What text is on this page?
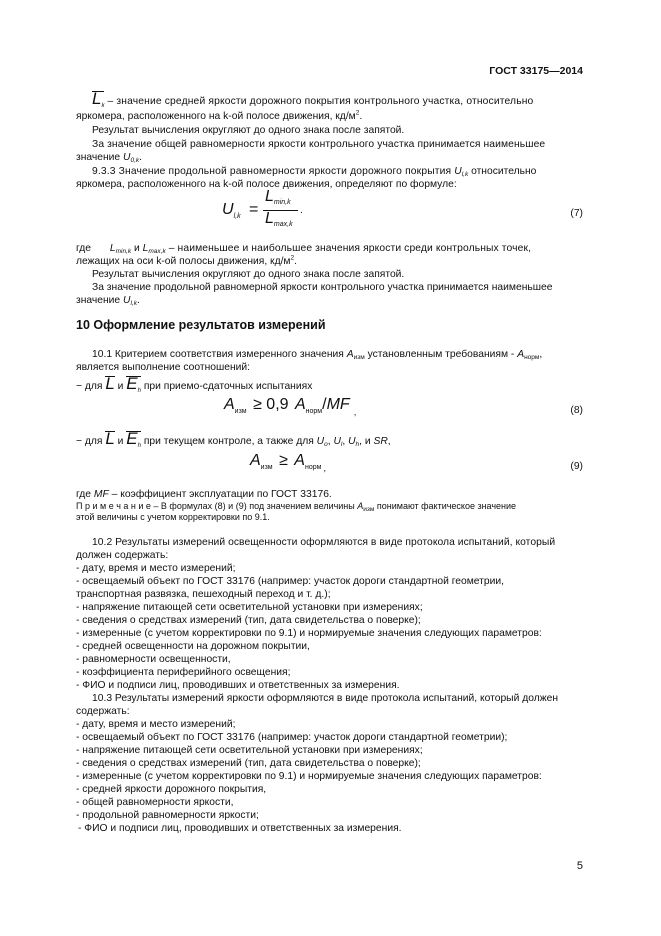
ГОСТ 33175—2014
Lk – значение средней яркости дорожного покрытия контрольного участка, относительно
яркомера, расположенного на k-ой полосе движения, $кд/м^2$.
Результат вычисления округляют до одного знака после запятой.
За значение общей равномерности яркости контрольного участка принимается наименьшее
значение $U_{0,k}$.
9.3.3 Значение продольной равномерности яркости дорожного покрытия $U_{l,k}$ относительно
яркомера, расположенного на k-ой полосе движения, определяют по формуле:
$U_{l,k}$ =
Lmin,k
Lmax,k
.	(7)
где $L_{min,k}$ и $L_{max,k}$ – наименьшее и наибольшее значения яркости среди контрольных точек,
лежащих на оси k-ой полосы движения, $кд/м^2$.
Результат вычисления округляют до одного знака после запятой.
За значение продольной равномерной яркости контрольного участка принимается наименьшее
значение $U_{l,k}$.
10 Оформление результатов измерений
10.1 Критерием соответствия измеренного значения $A_{изм}$ установленным требованиям - $A_{норм}$,
является выполнение соотношений:
− для L и Eh при приемо-сдаточных испытаниях
$A_{изм} \ge 0,9$ $A_{норм}/MF$ $_,$	(8)
− для L и Eh при текущем контроле, а также для $U_o$, $U_l$, $U_h$, и SR,
$A_{изм} \ge A_{норм}$ $_,$	(9)
где MF – коэффициент эксплуатации по ГОСТ 33176.
П р и м е ч а н и е – В формулах (8) и (9) под значением величины $A_{изм}$ понимают фактическое значение
этой величины с учетом корректировки по 9.1.
10.2 Результаты измерений освещенности оформляются в виде протокола испытаний, который
должен содержать:
- дату, время и место измерений;
- освещаемый объект по ГОСТ 33176 (например: участок дороги стандартной геометрии,
транспортная развязка, пешеходный переход и т. д.);
- напряжение питающей сети осветительной установки при измерениях;
- сведения о средствах измерений (тип, дата свидетельства о поверке);
- измеренные (с учетом корректировки по 9.1) и нормируемые значения следующих параметров:
- средней освещенности на дорожном покрытии,
- равномерности освещенности,
- коэффициента периферийного освещения;
- ФИО и подписи лиц, проводивших и ответственных за измерения.
10.3 Результаты измерений яркости оформляются в виде протокола испытаний, который должен
содержать:
- дату, время и место измерений;
- освещаемый объект по ГОСТ 33176 (например: участок дороги стандартной геометрии);
- напряжение питающей сети осветительной установки при измерениях;
- сведения о средствах измерений (тип, дата свидетельства о поверке);
- измеренные (с учетом корректировки по 9.1) и нормируемые значения следующих параметров:
- средней яркости дорожного покрытия,
- общей равномерности яркости,
- продольной равномерности яркости;
- ФИО и подписи лиц, проводивших и ответственных за измерения.
5
